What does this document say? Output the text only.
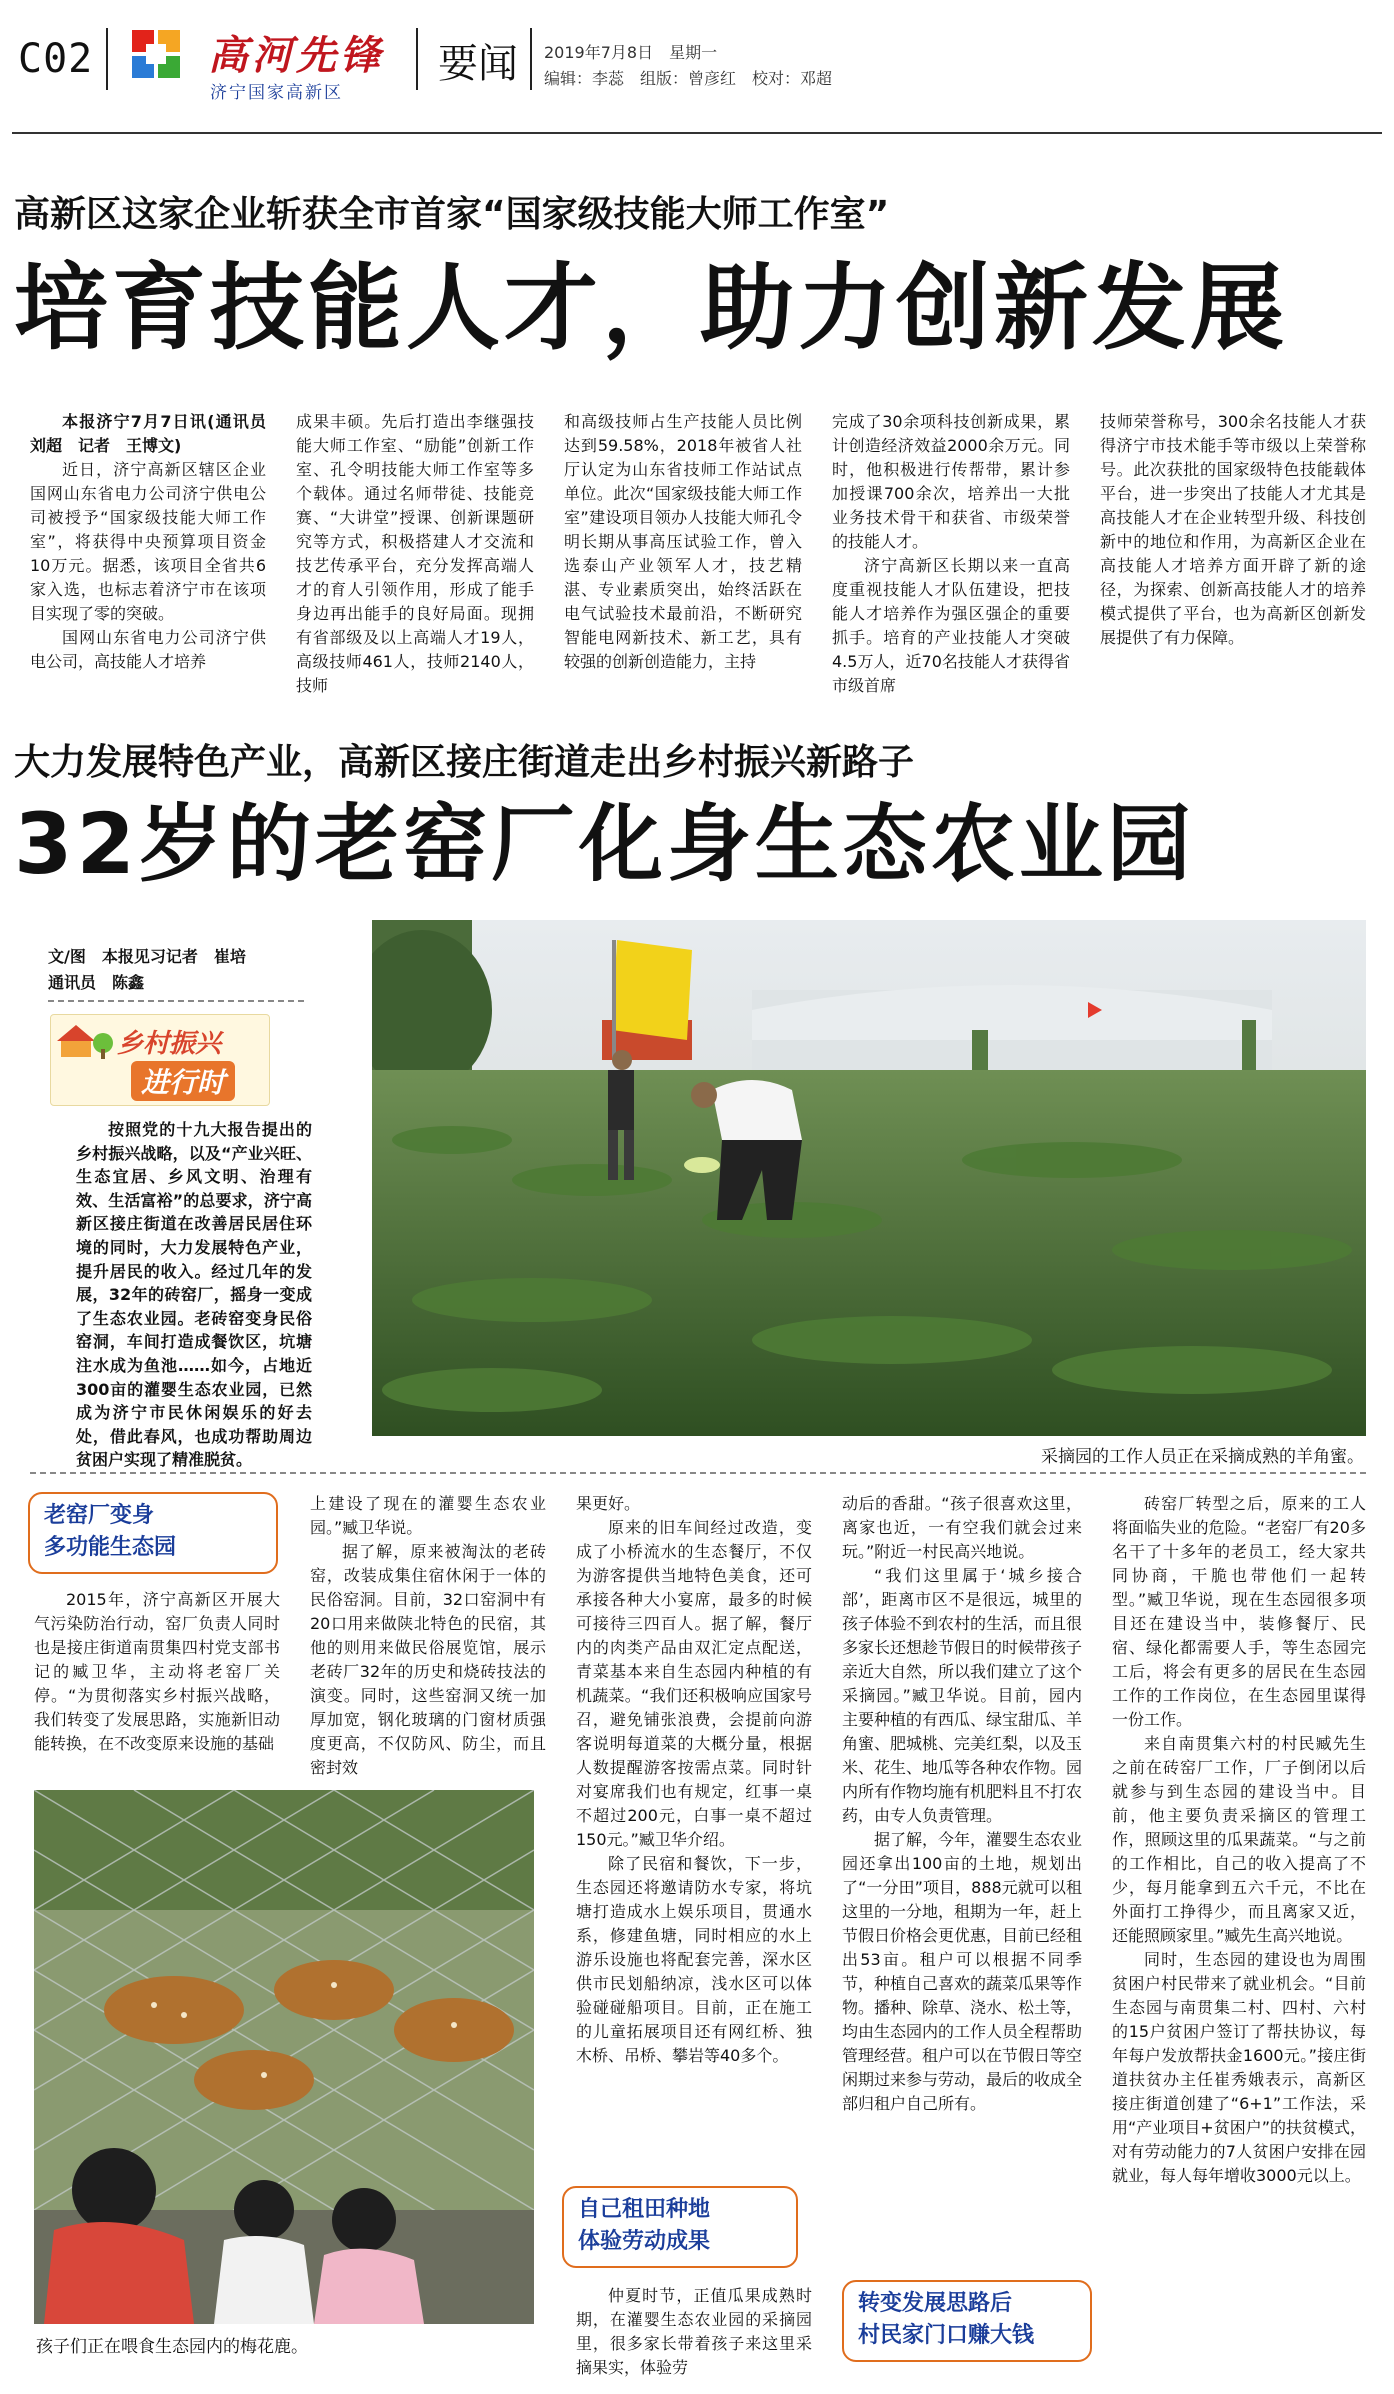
C02	高河先锋
济宁国家高新区
要闻 2019年7月8日　星期一
编辑：李蕊　组版：曾彦红　校对：邓超
高新区这家企业斩获全市首家“国家级技能大师工作室”
培育技能人才，助力创新发展

本报济宁7月7日讯(通讯员　刘超　记者　王博文)

近日，济宁高新区辖区企业国网山东省电力公司济宁供电公司被授予“国家级技能大师工作室”，将获得中央预算项目资金10万元。据悉，该项目全省共6家入选，也标志着济宁市在该项目实现了零的突破。

国网山东省电力公司济宁供电公司，高技能人才培养

成果丰硕。先后打造出李继强技能大师工作室、“励能”创新工作室、孔令明技能大师工作室等多个载体。通过名师带徒、技能竞赛、“大讲堂”授课、创新课题研究等方式，积极搭建人才交流和技艺传承平台，充分发挥高端人才的育人引领作用，形成了能手身边再出能手的良好局面。现拥有省部级及以上高端人才19人，高级技师461人，技师2140人，技师

和高级技师占生产技能人员比例达到59.58%，2018年被省人社厅认定为山东省技师工作站试点单位。此次“国家级技能大师工作室”建设项目领办人技能大师孔令明长期从事高压试验工作，曾入选泰山产业领军人才，技艺精湛、专业素质突出，始终活跃在电气试验技术最前沿，不断研究智能电网新技术、新工艺，具有较强的创新创造能力，主持

完成了30余项科技创新成果，累计创造经济效益2000余万元。同时，他积极进行传帮带，累计参加授课700余次，培养出一大批业务技术骨干和获省、市级荣誉的技能人才。

济宁高新区长期以来一直高度重视技能人才队伍建设，把技能人才培养作为强区强企的重要抓手。培育的产业技能人才突破4.5万人，近70名技能人才获得省市级首席

技师荣誉称号，300余名技能人才获得济宁市技术能手等市级以上荣誉称号。此次获批的国家级特色技能载体平台，进一步突出了技能人才尤其是高技能人才在企业转型升级、科技创新中的地位和作用，为高新区企业在高技能人才培养方面开辟了新的途径，为探索、创新高技能人才的培养模式提供了平台，也为高新区创新发展提供了有力保障。

大力发展特色产业，高新区接庄街道走出乡村振兴新路子
32岁的老窑厂化身生态农业园
文/图　本报见习记者　崔培
通讯员　陈鑫
乡村振兴
进行时

按照党的十九大报告提出的乡村振兴战略，以及“产业兴旺、生态宜居、乡风文明、治理有效、生活富裕”的总要求，济宁高新区接庄街道在改善居民居住环境的同时，大力发展特色产业，提升居民的收入。经过几年的发展，32年的砖窑厂，摇身一变成了生态农业园。老砖窑变身民俗窑洞，车间打造成餐饮区，坑塘注水成为鱼池……如今，占地近300亩的灌婴生态农业园，已然成为济宁市民休闲娱乐的好去处，借此春风，也成功帮助周边贫困户实现了精准脱贫。	采摘园的工作人员正在采摘成熟的羊角蜜。
老窑厂变身
多功能生态园

2015年，济宁高新区开展大气污染防治行动，窑厂负责人同时也是接庄街道南贯集四村党支部书记的臧卫华，主动将老窑厂关停。“为贯彻落实乡村振兴战略，我们转变了发展思路，实施新旧动能转换，在不改变原来设施的基础

上建设了现在的灌婴生态农业园。”臧卫华说。

据了解，原来被淘汰的老砖窑，改装成集住宿休闲于一体的民俗窑洞。目前，32口窑洞中有20口用来做陕北特色的民宿，其他的则用来做民俗展览馆，展示老砖厂32年的历史和烧砖技法的演变。同时，这些窑洞又统一加厚加宽，钢化玻璃的门窗材质强度更高，不仅防风、防尘，而且密封效

果更好。

原来的旧车间经过改造，变成了小桥流水的生态餐厅，不仅为游客提供当地特色美食，还可承接各种大小宴席，最多的时候可接待三四百人。据了解，餐厅内的肉类产品由双汇定点配送，青菜基本来自生态园内种植的有机蔬菜。“我们还积极响应国家号召，避免铺张浪费，会提前向游客说明每道菜的大概分量，根据人数提醒游客按需点菜。同时针对宴席我们也有规定，红事一桌不超过200元，白事一桌不超过150元。”臧卫华介绍。

除了民宿和餐饮，下一步，生态园还将邀请防水专家，将坑塘打造成水上娱乐项目，贯通水系，修建鱼塘，同时相应的水上游乐设施也将配套完善，深水区供市民划船纳凉，浅水区可以体验碰碰船项目。目前，正在施工的儿童拓展项目还有网红桥、独木桥、吊桥、攀岩等40多个。

自己租田种地
体验劳动成果

仲夏时节，正值瓜果成熟时期，在灌婴生态农业园的采摘园里，很多家长带着孩子来这里采摘果实，体验劳

动后的香甜。“孩子很喜欢这里，离家也近，一有空我们就会过来玩。”附近一村民高兴地说。

“我们这里属于‘城乡接合部’，距离市区不是很远，城里的孩子体验不到农村的生活，而且很多家长还想趁节假日的时候带孩子亲近大自然，所以我们建立了这个采摘园。”臧卫华说。目前，园内主要种植的有西瓜、绿宝甜瓜、羊角蜜、肥城桃、完美红梨，以及玉米、花生、地瓜等各种农作物。园内所有作物均施有机肥料且不打农药，由专人负责管理。

据了解，今年，灌婴生态农业园还拿出100亩的土地，规划出了“一分田”项目，888元就可以租这里的一分地，租期为一年，赶上节假日价格会更优惠，目前已经租出53亩。租户可以根据不同季节，种植自己喜欢的蔬菜瓜果等作物。播种、除草、浇水、松土等，均由生态园内的工作人员全程帮助管理经营。租户可以在节假日等空闲期过来参与劳动，最后的收成全部归租户自己所有。

转变发展思路后
村民家门口赚大钱

砖窑厂转型之后，原来的工人将面临失业的危险。“老窑厂有20多名干了十多年的老员工，经大家共同协商，干脆也带他们一起转型。”臧卫华说，现在生态园很多项目还在建设当中，装修餐厅、民宿、绿化都需要人手，等生态园完工后，将会有更多的居民在生态园工作的工作岗位，在生态园里谋得一份工作。

来自南贯集六村的村民臧先生之前在砖窑厂工作，厂子倒闭以后就参与到生态园的建设当中。目前，他主要负责采摘区的管理工作，照顾这里的瓜果蔬菜。“与之前的工作相比，自己的收入提高了不少，每月能拿到五六千元，不比在外面打工挣得少，而且离家又近，还能照顾家里。”臧先生高兴地说。

同时，生态园的建设也为周围贫困户村民带来了就业机会。“目前生态园与南贯集二村、四村、六村的15户贫困户签订了帮扶协议，每年每户发放帮扶金1600元。”接庄街道扶贫办主任崔秀娥表示，高新区接庄街道创建了“6+1”工作法，采用“产业项目+贫困户”的扶贫模式，对有劳动能力的7人贫困户安排在园就业，每人每年增收3000元以上。

孩子们正在喂食生态园内的梅花鹿。
